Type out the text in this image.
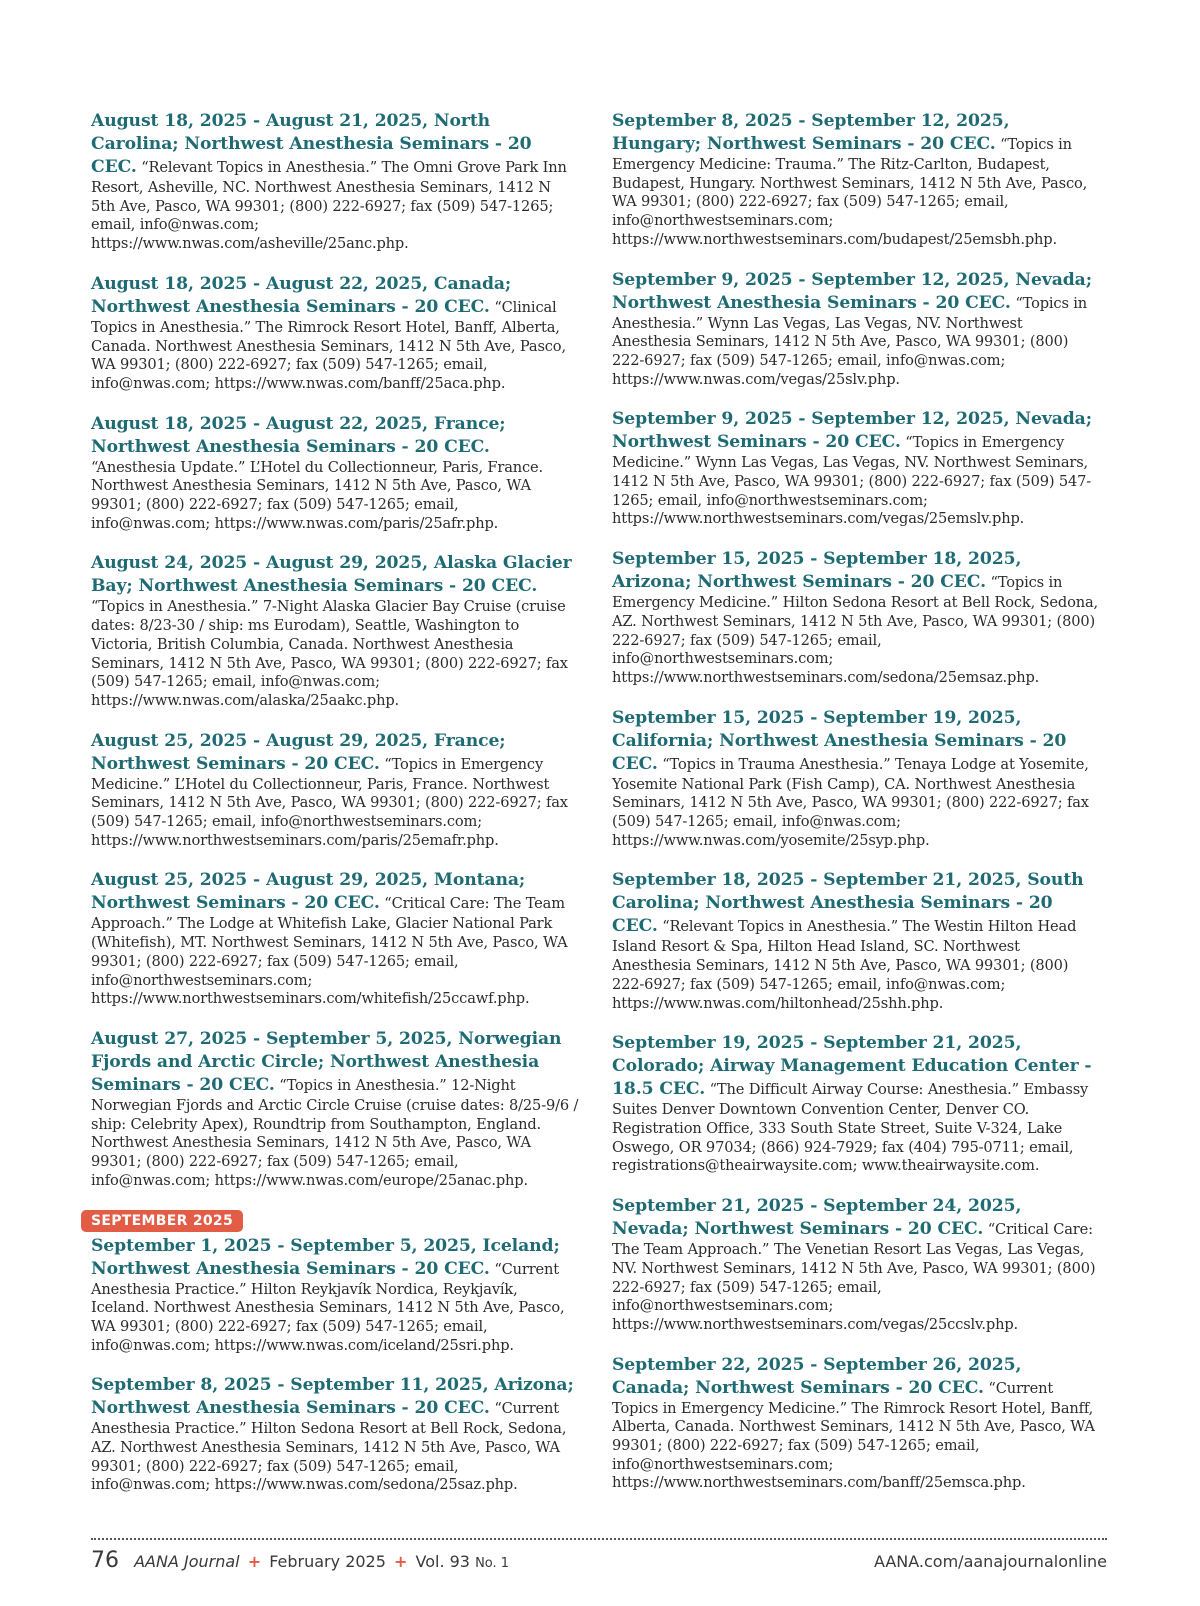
August 18, 2025 - August 21, 2025, North Carolina; Northwest Anesthesia Seminars - 20 CEC. “Relevant Topics in Anesthesia.” The Omni Grove Park Inn Resort, Asheville, NC. Northwest Anesthesia Seminars, 1412 N 5th Ave, Pasco, WA 99301; (800) 222-6927; fax (509) 547-1265; email, info@nwas.com; https://www.nwas.com/asheville/25anc.php.
August 18, 2025 - August 22, 2025, Canada; Northwest Anesthesia Seminars - 20 CEC. “Clinical Topics in Anesthesia.” The Rimrock Resort Hotel, Banff, Alberta, Canada. Northwest Anesthesia Seminars, 1412 N 5th Ave, Pasco, WA 99301; (800) 222-6927; fax (509) 547-1265; email, info@nwas.com; https://www.nwas.com/banff/25aca.php.
August 18, 2025 - August 22, 2025, France; Northwest Anesthesia Seminars - 20 CEC. “Anesthesia Update.” L’Hotel du Collectionneur, Paris, France. Northwest Anesthesia Seminars, 1412 N 5th Ave, Pasco, WA 99301; (800) 222-6927; fax (509) 547-1265; email, info@nwas.com; https://www.nwas.com/paris/25afr.php.
August 24, 2025 - August 29, 2025, Alaska Glacier Bay; Northwest Anesthesia Seminars - 20 CEC. “Topics in Anesthesia.” 7-Night Alaska Glacier Bay Cruise (cruise dates: 8/23-30 / ship: ms Eurodam), Seattle, Washington to Victoria, British Columbia, Canada. Northwest Anesthesia Seminars, 1412 N 5th Ave, Pasco, WA 99301; (800) 222-6927; fax (509) 547-1265; email, info@nwas.com; https://www.nwas.com/alaska/25aakc.php.
August 25, 2025 - August 29, 2025, France; Northwest Seminars - 20 CEC. “Topics in Emergency Medicine.” L’Hotel du Collectionneur, Paris, France. Northwest Seminars, 1412 N 5th Ave, Pasco, WA 99301; (800) 222-6927; fax (509) 547-1265; email, info@northwestseminars.com; https://www.northwestseminars.com/paris/25emafr.php.
August 25, 2025 - August 29, 2025, Montana; Northwest Seminars - 20 CEC. “Critical Care: The Team Approach.” The Lodge at Whitefish Lake, Glacier National Park (Whitefish), MT. Northwest Seminars, 1412 N 5th Ave, Pasco, WA 99301; (800) 222-6927; fax (509) 547-1265; email, info@northwestseminars.com; https://www.northwestseminars.com/whitefish/25ccawf.php.
August 27, 2025 - September 5, 2025, Norwegian Fjords and Arctic Circle; Northwest Anesthesia Seminars - 20 CEC. “Topics in Anesthesia.” 12-Night Norwegian Fjords and Arctic Circle Cruise (cruise dates: 8/25-9/6 / ship: Celebrity Apex), Roundtrip from Southampton, England. Northwest Anesthesia Seminars, 1412 N 5th Ave, Pasco, WA 99301; (800) 222-6927; fax (509) 547-1265; email, info@nwas.com; https://www.nwas.com/europe/25anac.php.
SEPTEMBER 2025
September 1, 2025 - September 5, 2025, Iceland; Northwest Anesthesia Seminars - 20 CEC. “Current Anesthesia Practice.” Hilton Reykjavík Nordica, Reykjavík, Iceland. Northwest Anesthesia Seminars, 1412 N 5th Ave, Pasco, WA 99301; (800) 222-6927; fax (509) 547-1265; email, info@nwas.com; https://www.nwas.com/iceland/25sri.php.
September 8, 2025 - September 11, 2025, Arizona; Northwest Anesthesia Seminars - 20 CEC. “Current Anesthesia Practice.” Hilton Sedona Resort at Bell Rock, Sedona, AZ. Northwest Anesthesia Seminars, 1412 N 5th Ave, Pasco, WA 99301; (800) 222-6927; fax (509) 547-1265; email, info@nwas.com; https://www.nwas.com/sedona/25saz.php.
September 8, 2025 - September 12, 2025, Hungary; Northwest Seminars - 20 CEC. “Topics in Emergency Medicine: Trauma.” The Ritz-Carlton, Budapest, Budapest, Hungary. Northwest Seminars, 1412 N 5th Ave, Pasco, WA 99301; (800) 222-6927; fax (509) 547-1265; email, info@northwestseminars.com; https://www.northwestseminars.com/budapest/25emsbh.php.
September 9, 2025 - September 12, 2025, Nevada; Northwest Anesthesia Seminars - 20 CEC. “Topics in Anesthesia.” Wynn Las Vegas, Las Vegas, NV. Northwest Anesthesia Seminars, 1412 N 5th Ave, Pasco, WA 99301; (800) 222-6927; fax (509) 547-1265; email, info@nwas.com; https://www.nwas.com/vegas/25slv.php.
September 9, 2025 - September 12, 2025, Nevada; Northwest Seminars - 20 CEC. “Topics in Emergency Medicine.” Wynn Las Vegas, Las Vegas, NV. Northwest Seminars, 1412 N 5th Ave, Pasco, WA 99301; (800) 222-6927; fax (509) 547-1265; email, info@northwestseminars.com; https://www.northwestseminars.com/vegas/25emslv.php.
September 15, 2025 - September 18, 2025, Arizona; Northwest Seminars - 20 CEC. “Topics in Emergency Medicine.” Hilton Sedona Resort at Bell Rock, Sedona, AZ. Northwest Seminars, 1412 N 5th Ave, Pasco, WA 99301; (800) 222-6927; fax (509) 547-1265; email, info@northwestseminars.com; https://www.northwestseminars.com/sedona/25emsaz.php.
September 15, 2025 - September 19, 2025, California; Northwest Anesthesia Seminars - 20 CEC. “Topics in Trauma Anesthesia.” Tenaya Lodge at Yosemite, Yosemite National Park (Fish Camp), CA. Northwest Anesthesia Seminars, 1412 N 5th Ave, Pasco, WA 99301; (800) 222-6927; fax (509) 547-1265; email, info@nwas.com; https://www.nwas.com/yosemite/25syp.php.
September 18, 2025 - September 21, 2025, South Carolina; Northwest Anesthesia Seminars - 20 CEC. “Relevant Topics in Anesthesia.” The Westin Hilton Head Island Resort & Spa, Hilton Head Island, SC. Northwest Anesthesia Seminars, 1412 N 5th Ave, Pasco, WA 99301; (800) 222-6927; fax (509) 547-1265; email, info@nwas.com; https://www.nwas.com/hiltonhead/25shh.php.
September 19, 2025 - September 21, 2025, Colorado; Airway Management Education Center - 18.5 CEC. “The Difficult Airway Course: Anesthesia.” Embassy Suites Denver Downtown Convention Center, Denver CO. Registration Office, 333 South State Street, Suite V-324, Lake Oswego, OR 97034; (866) 924-7929; fax (404) 795-0711; email, registrations@theairwaysite.com; www.theairwaysite.com.
September 21, 2025 - September 24, 2025, Nevada; Northwest Seminars - 20 CEC. “Critical Care: The Team Approach.” The Venetian Resort Las Vegas, Las Vegas, NV. Northwest Seminars, 1412 N 5th Ave, Pasco, WA 99301; (800) 222-6927; fax (509) 547-1265; email, info@northwestseminars.com; https://www.northwestseminars.com/vegas/25ccslv.php.
September 22, 2025 - September 26, 2025, Canada; Northwest Seminars - 20 CEC. “Current Topics in Emergency Medicine.” The Rimrock Resort Hotel, Banff, Alberta, Canada. Northwest Seminars, 1412 N 5th Ave, Pasco, WA 99301; (800) 222-6927; fax (509) 547-1265; email, info@northwestseminars.com; https://www.northwestseminars.com/banff/25emsca.php.
76 AANA Journal + February 2025 + Vol. 93 No. 1	AANA.com/aanajournalonline
